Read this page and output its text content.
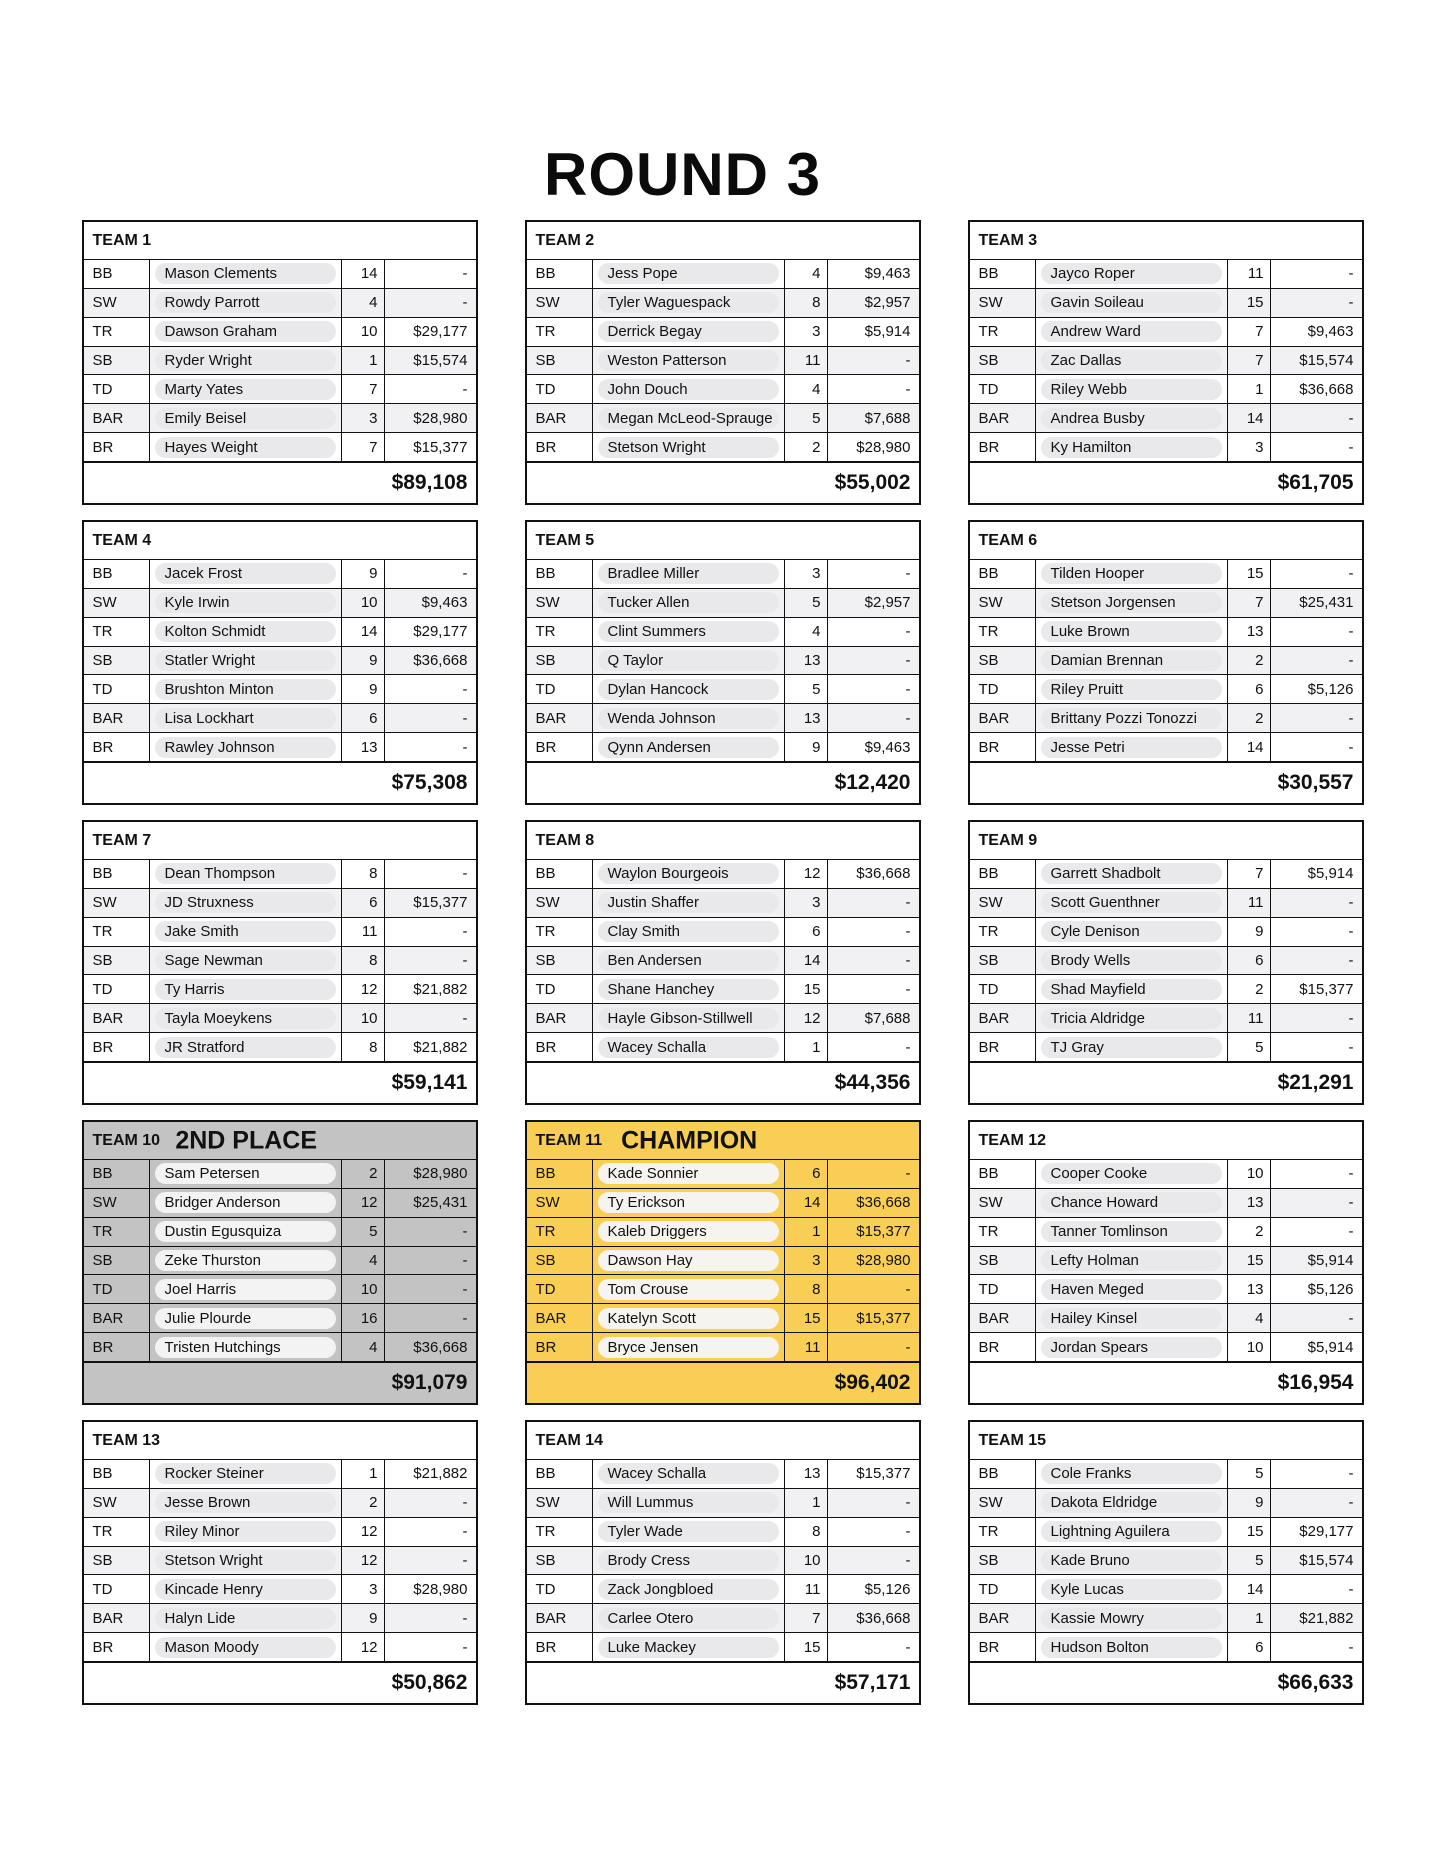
ROUND 3
TEAM 1
BB	Mason Clements	14	-
SW	Rowdy Parrott	4	-
TR	Dawson Graham	10	$29,177
SB	Ryder Wright	1	$15,574
TD	Marty Yates	7	-
BAR	Emily Beisel	3	$28,980
BR	Hayes Weight	7	$15,377
$89,108
TEAM 2
BB	Jess Pope	4	$9,463
SW	Tyler Waguespack	8	$2,957
TR	Derrick Begay	3	$5,914
SB	Weston Patterson	11	-
TD	John Douch	4	-
BAR	Megan McLeod-Sprauge	5	$7,688
BR	Stetson Wright	2	$28,980
$55,002
TEAM 3
BB	Jayco Roper	11	-
SW	Gavin Soileau	15	-
TR	Andrew Ward	7	$9,463
SB	Zac Dallas	7	$15,574
TD	Riley Webb	1	$36,668
BAR	Andrea Busby	14	-
BR	Ky Hamilton	3	-
$61,705
TEAM 4
BB	Jacek Frost	9	-
SW	Kyle Irwin	10	$9,463
TR	Kolton Schmidt	14	$29,177
SB	Statler Wright	9	$36,668
TD	Brushton Minton	9	-
BAR	Lisa Lockhart	6	-
BR	Rawley Johnson	13	-
$75,308
TEAM 5
BB	Bradlee Miller	3	-
SW	Tucker Allen	5	$2,957
TR	Clint Summers	4	-
SB	Q Taylor	13	-
TD	Dylan Hancock	5	-
BAR	Wenda Johnson	13	-
BR	Qynn Andersen	9	$9,463
$12,420
TEAM 6
BB	Tilden Hooper	15	-
SW	Stetson Jorgensen	7	$25,431
TR	Luke Brown	13	-
SB	Damian Brennan	2	-
TD	Riley Pruitt	6	$5,126
BAR	Brittany Pozzi Tonozzi	2	-
BR	Jesse Petri	14	-
$30,557
TEAM 7
BB	Dean Thompson	8	-
SW	JD Struxness	6	$15,377
TR	Jake Smith	11	-
SB	Sage Newman	8	-
TD	Ty Harris	12	$21,882
BAR	Tayla Moeykens	10	-
BR	JR Stratford	8	$21,882
$59,141
TEAM 8
BB	Waylon Bourgeois	12	$36,668
SW	Justin Shaffer	3	-
TR	Clay Smith	6	-
SB	Ben Andersen	14	-
TD	Shane Hanchey	15	-
BAR	Hayle Gibson-Stillwell	12	$7,688
BR	Wacey Schalla	1	-
$44,356
TEAM 9
BB	Garrett Shadbolt	7	$5,914
SW	Scott Guenthner	11	-
TR	Cyle Denison	9	-
SB	Brody Wells	6	-
TD	Shad Mayfield	2	$15,377
BAR	Tricia Aldridge	11	-
BR	TJ Gray	5	-
$21,291
TEAM 10 2ND PLACE
BB	Sam Petersen	2	$28,980
SW	Bridger Anderson	12	$25,431
TR	Dustin Egusquiza	5	-
SB	Zeke Thurston	4	-
TD	Joel Harris	10	-
BAR	Julie Plourde	16	-
BR	Tristen Hutchings	4	$36,668
$91,079
TEAM 11 CHAMPION
BB	Kade Sonnier	6	-
SW	Ty Erickson	14	$36,668
TR	Kaleb Driggers	1	$15,377
SB	Dawson Hay	3	$28,980
TD	Tom Crouse	8	-
BAR	Katelyn Scott	15	$15,377
BR	Bryce Jensen	11	-
$96,402
TEAM 12
BB	Cooper Cooke	10	-
SW	Chance Howard	13	-
TR	Tanner Tomlinson	2	-
SB	Lefty Holman	15	$5,914
TD	Haven Meged	13	$5,126
BAR	Hailey Kinsel	4	-
BR	Jordan Spears	10	$5,914
$16,954
TEAM 13
BB	Rocker Steiner	1	$21,882
SW	Jesse Brown	2	-
TR	Riley Minor	12	-
SB	Stetson Wright	12	-
TD	Kincade Henry	3	$28,980
BAR	Halyn Lide	9	-
BR	Mason Moody	12	-
$50,862
TEAM 14
BB	Wacey Schalla	13	$15,377
SW	Will Lummus	1	-
TR	Tyler Wade	8	-
SB	Brody Cress	10	-
TD	Zack Jongbloed	11	$5,126
BAR	Carlee Otero	7	$36,668
BR	Luke Mackey	15	-
$57,171
TEAM 15
BB	Cole Franks	5	-
SW	Dakota Eldridge	9	-
TR	Lightning Aguilera	15	$29,177
SB	Kade Bruno	5	$15,574
TD	Kyle Lucas	14	-
BAR	Kassie Mowry	1	$21,882
BR	Hudson Bolton	6	-
$66,633
